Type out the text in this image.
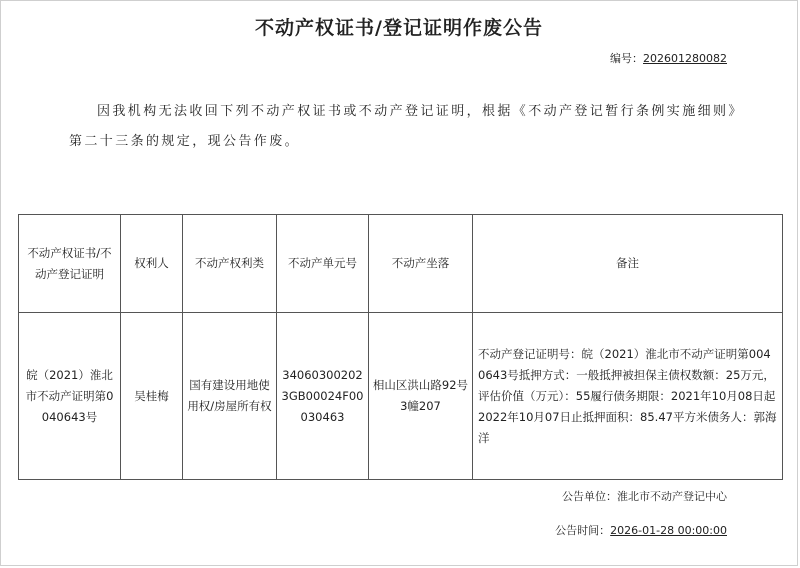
不动产权证书/登记证明作废公告
编号：202601280082
因我机构无法收回下列不动产权证书或不动产登记证明，根据《不动产登记暂行条例实施细则》第二十三条的规定，现公告作废。
不动产权证书/不动产登记证明	权利人	不动产权利类	不动产单元号	不动产坐落	备注
皖（2021）淮北市不动产证明第0040643号	吴桂梅	国有建设用地使用权/房屋所有权	340603002023GB00024F00030463	相山区洪山路92号3幢207	不动产登记证明号：皖（2021）淮北市不动产证明第0040643号抵押方式：一般抵押被担保主债权数额：25万元，评估价值（万元）：55履行债务期限：2021年10月08日起2022年10月07日止抵押面积：85.47平方米债务人：郭海洋
公告单位：淮北市不动产登记中心
公告时间：2026-01-28 00:00:00
